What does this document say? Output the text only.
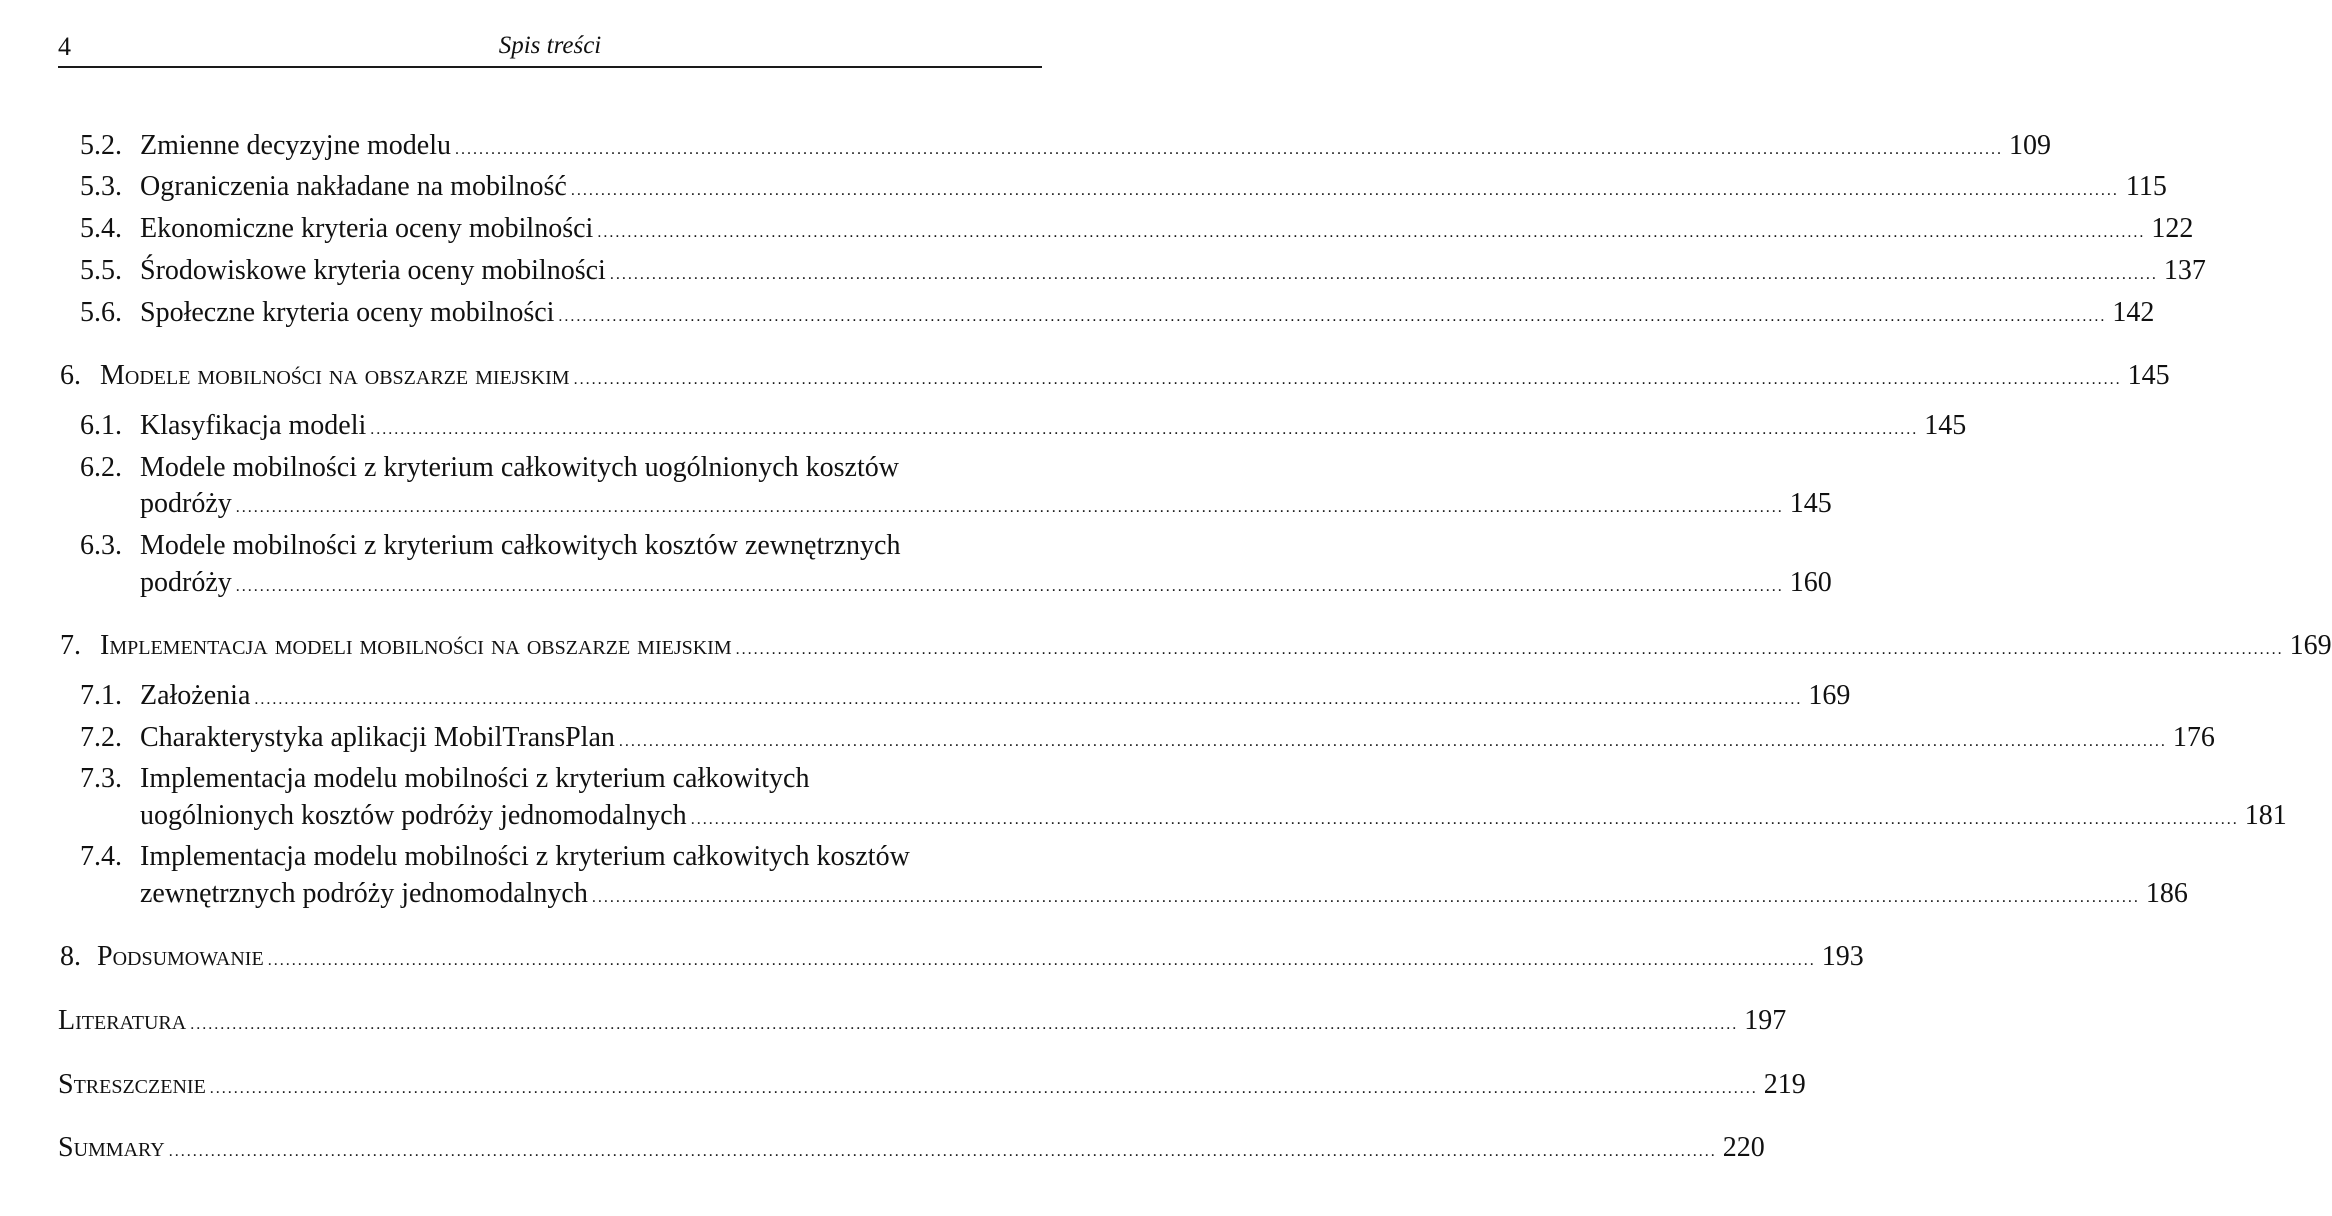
4	Spis treści
5.2. Zmienne decyzyjne modelu .................................................................................................................................................................................................................................................................. 109
5.3. Ograniczenia nakładane na mobilność .................................................................................................................................................................................................................................................................. 115
5.4. Ekonomiczne kryteria oceny mobilności .................................................................................................................................................................................................................................................................. 122
5.5. Środowiskowe kryteria oceny mobilności .................................................................................................................................................................................................................................................................. 137
5.6. Społeczne kryteria oceny mobilności .................................................................................................................................................................................................................................................................. 142
6. Modele mobilności na obszarze miejskim .................................................................................................................................................................................................................................................................. 145
6.1. Klasyfikacja modeli .................................................................................................................................................................................................................................................................. 145
6.2. Modele mobilności z kryterium całkowitych uogólnionych kosztów
podróży .................................................................................................................................................................................................................................................................. 145
6.3. Modele mobilności z kryterium całkowitych kosztów zewnętrznych
podróży .................................................................................................................................................................................................................................................................. 160
7. Implementacja modeli mobilności na obszarze miejskim .................................................................................................................................................................................................................................................................. 169
7.1. Założenia .................................................................................................................................................................................................................................................................. 169
7.2. Charakterystyka aplikacji MobilTransPlan .................................................................................................................................................................................................................................................................. 176
7.3. Implementacja modelu mobilności z kryterium całkowitych
uogólnionych kosztów podróży jednomodalnych .................................................................................................................................................................................................................................................................. 181
7.4. Implementacja modelu mobilności z kryterium całkowitych kosztów
zewnętrznych podróży jednomodalnych .................................................................................................................................................................................................................................................................. 186
8. Podsumowanie .................................................................................................................................................................................................................................................................. 193
Literatura .................................................................................................................................................................................................................................................................. 197
Streszczenie .................................................................................................................................................................................................................................................................. 219
Summary .................................................................................................................................................................................................................................................................. 220
